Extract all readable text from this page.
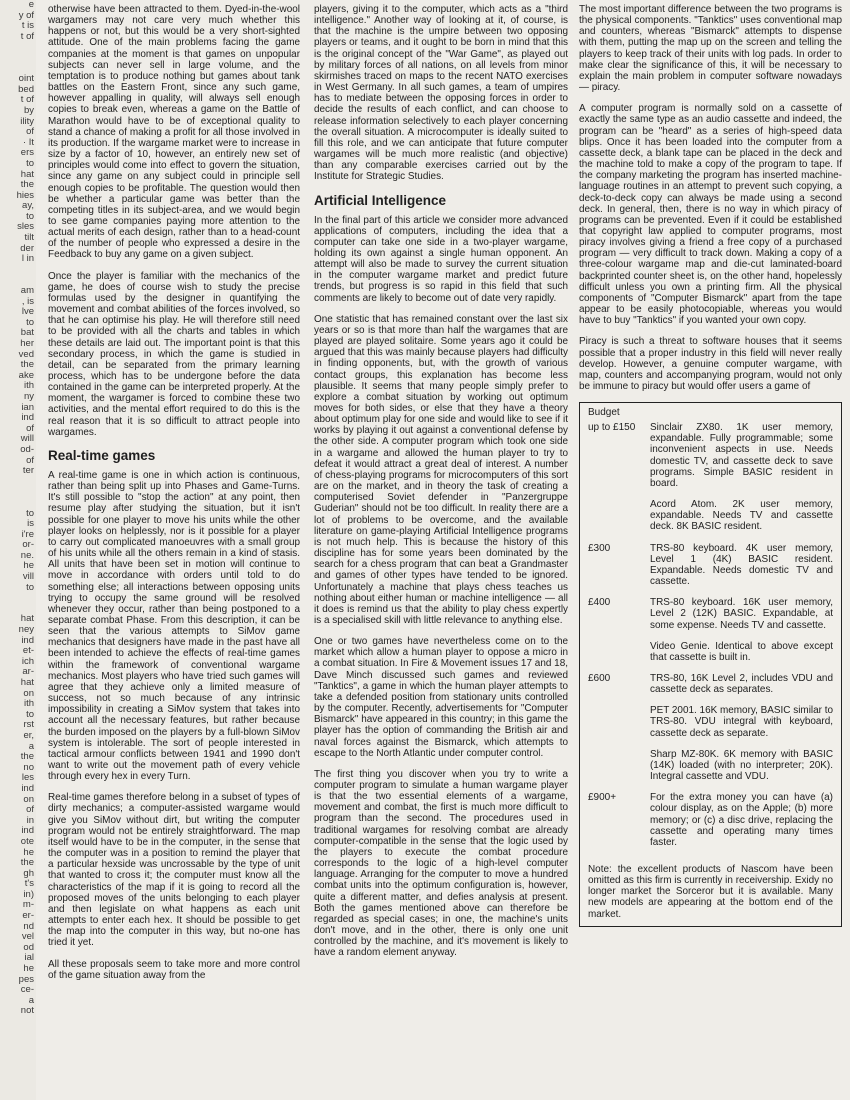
e
y of
t is
t of
oint
bed
t of
by
ility
of
· It
ers
to
hat
the
hies
ay,
to
sles
tilt
der
l in
am
, is
lve
to
bat
her
ved
the
ake
ith
ny
ian
ind
of
will
od-
of
ter
to
is
i're
or-
ne.
he
vill
to
hat
ney
ind
et-
ich
ar-
hat
on
ith
to
rst
er,
a
the
no
les
ind
on
of
in
ind
ote
he
the
gh
t's
in)
m-
er-
nd
vel
od
ial
he
pes
ce-
a
not

otherwise have been attracted to them. Dyed-in-the-wool wargamers may not care very much whether this happens or not, but this would be a very short-sighted attitude. One of the main problems facing the game companies at the moment is that games on unpopular subjects can never sell in large volume, and the temptation is to produce nothing but games about tank battles on the Eastern Front, since any such game, however appalling in quality, will always sell enough copies to break even, whereas a game on the Battle of Marathon would have to be of exceptional quality to stand a chance of making a profit for all those involved in its production. If the wargame market were to increase in size by a factor of 10, however, an entirely new set of principles would come into effect to govern the situation, since any game on any subject could in principle sell enough copies to be profitable. The question would then be whether a particular game was better than the competing titles in its subject-area, and we would begin to see game companies paying more attention to the actual merits of each design, rather than to a head-count of the number of people who expressed a desire in the Feedback to buy any game on a given subject.

Once the player is familiar with the mechanics of the game, he does of course wish to study the precise formulas used by the designer in quantifying the movement and combat abilities of the forces involved, so that he can optimise his play. He will therefore still need to be provided with all the charts and tables in which these details are laid out. The important point is that this secondary process, in which the game is studied in detail, can be separated from the primary learning process, which has to be undergone before the data contained in the game can be interpreted properly. At the moment, the wargamer is forced to combine these two activities, and the mental effort required to do this is the real reason that it is so difficult to attract people into wargames.

Real-time games

A real-time game is one in which action is continuous, rather than being split up into Phases and Game-Turns. It's still possible to "stop the action" at any point, then resume play after studying the situation, but it isn't possible for one player to move his units while the other player looks on helplessly, nor is it possible for a player to carry out complicated manoeuvres with a small group of his units while all the others remain in a kind of stasis. All units that have been set in motion will continue to move in accordance with orders until told to do something else; all interactions between opposing units trying to occupy the same ground will be resolved whenever they occur, rather than being postponed to a separate combat Phase. From this description, it can be seen that the various attempts to SiMov game mechanics that designers have made in the past have all been intended to achieve the effects of real-time games within the framework of conventional wargame mechanics. Most players who have tried such games will agree that they achieve only a limited measure of success, not so much because of any intrinsic impossibility in creating a SiMov system that takes into account all the necessary features, but rather because the burden imposed on the players by a full-blown SiMov system is intolerable. The sort of people interested in tactical armour conflicts between 1941 and 1990 don't want to write out the movement path of every vehicle through every hex in every Turn.

Real-time games therefore belong in a subset of types of dirty mechanics; a computer-assisted wargame would give you SiMov without dirt, but writing the computer program would not be entirely straightforward. The map itself would have to be in the computer, in the sense that the computer was in a position to remind the player that a particular hexside was uncrossable by the type of unit that wanted to cross it; the computer must know all the characteristics of the map if it is going to record all the proposed moves of the units belonging to each player and then legislate on what happens as each unit attempts to enter each hex. It should be possible to get the map into the computer in this way, but no-one has tried it yet.

All these proposals seem to take more and more control of the game situation away from the

players, giving it to the computer, which acts as a "third intelligence." Another way of looking at it, of course, is that the machine is the umpire between two opposing players or teams, and it ought to be born in mind that this is the original concept of the "War Game", as played out by military forces of all nations, on all levels from minor skirmishes traced on maps to the recent NATO exercises in West Germany. In all such games, a team of umpires has to mediate between the opposing forces in order to decide the results of each conflict, and can choose to release information selectively to each player concerning the overall situation. A microcomputer is ideally suited to fill this role, and we can anticipate that future computer wargames will be much more realistic (and objective) than any comparable exercises carried out by the Institute for Strategic Studies.

Artificial Intelligence

In the final part of this article we consider more advanced applications of computers, including the idea that a computer can take one side in a two-player wargame, holding its own against a single human opponent. An attempt will also be made to survey the current situation in the computer wargame market and predict future trends, but progress is so rapid in this field that such comments are likely to become out of date very rapidly.

One statistic that has remained constant over the last six years or so is that more than half the wargames that are played are played solitaire. Some years ago it could be argued that this was mainly because players had difficulty in finding opponents, but, with the growth of various contact groups, this explanation has become less plausible. It seems that many people simply prefer to explore a combat situation by working out optimum moves for both sides, or else that they have a theory about optimum play for one side and would like to see if it works by playing it out against a conventional defense by the other side. A computer program which took one side in a wargame and allowed the human player to try to defeat it would attract a great deal of interest. A number of chess-playing programs for microcomputers of this sort are on the market, and in theory the task of creating a computerised Soviet defender in "Panzergruppe Guderian" should not be too difficult. In reality there are a lot of problems to be overcome, and the available literature on game-playing Artificial Intelligence programs is not much help. This is because the history of this discipline has for some years been dominated by the search for a chess program that can beat a Grandmaster and games of other types have tended to be ignored. Unfortunately a machine that plays chess teaches us nothing about either human or machine intelligence — all it does is remind us that the ability to play chess expertly is a specialised skill with little relevance to anything else.

One or two games have nevertheless come on to the market which allow a human player to oppose a micro in a combat situation. In Fire & Movement issues 17 and 18, Dave Minch discussed such games and reviewed "Tanktics", a game in which the human player attempts to take a defended position from stationary units controlled by the computer. Recently, advertisements for "Computer Bismarck" have appeared in this country; in this game the player has the option of commanding the British air and naval forces against the Bismarck, which attempts to escape to the North Atlantic under computer control.

The first thing you discover when you try to write a computer program to simulate a human wargame player is that the two essential elements of a wargame, movement and combat, the first is much more difficult to program than the second. The procedures used in traditional wargames for resolving combat are already computer-compatible in the sense that the logic used by the players to execute the combat procedure corresponds to the logic of a high-level computer language. Arranging for the computer to move a hundred combat units into the optimum configuration is, however, quite a different matter, and defies analysis at present. Both the games mentioned above can therefore be regarded as special cases; in one, the machine's units don't move, and in the other, there is only one unit controlled by the machine, and it's movement is likely to have a random element anyway.

The most important difference between the two programs is the physical components. "Tanktics" uses conventional map and counters, whereas "Bismarck" attempts to dispense with them, putting the map up on the screen and telling the players to keep track of their units with log pads. In order to make clear the significance of this, it will be necessary to explain the main problem in computer software nowadays — piracy.

A computer program is normally sold on a cassette of exactly the same type as an audio cassette and indeed, the program can be "heard" as a series of high-speed data blips. Once it has been loaded into the computer from a cassette deck, a blank tape can be placed in the deck and the machine told to make a copy of the program to tape. If the company marketing the program has inserted machine-language routines in an attempt to prevent such copying, a deck-to-deck copy can always be made using a second deck. In general, then, there is no way in which piracy of programs can be prevented. Even if it could be established that copyright law applied to computer programs, most piracy involves giving a friend a free copy of a purchased program — very difficult to track down. Making a copy of a three-colour wargame map and die-cut laminated-board backprinted counter sheet is, on the other hand, hopelessly difficult unless you own a printing firm. All the physical components of "Computer Bismarck" apart from the tape appear to be easily photocopiable, whereas you would have to buy "Tanktics" if you wanted your own copy.

Piracy is such a threat to software houses that it seems possible that a proper industry in this field will never really develop. However, a genuine computer wargame, with map, counters and accompanying program, would not only be immune to piracy but would offer users a game of

Budget
up to £150	Sinclair ZX80. 1K user memory, expandable. Fully programmable; some inconvenient aspects in use. Needs domestic TV, and cassette deck to save programs. Simple BASIC resident in board.

Acord Atom. 2K user memory, expandable. Needs TV and cassette deck. 8K BASIC resident.

£300	TRS-80 keyboard. 4K user memory, Level 1 (4K) BASIC resident. Expandable. Needs domestic TV and cassette.

£400	TRS-80 keyboard. 16K user memory, Level 2 (12K) BASIC. Expandable, at some expense. Needs TV and cassette.

Video Genie. Identical to above except that cassette is built in.

£600	TRS-80, 16K Level 2, includes VDU and cassette deck as separates.

PET 2001. 16K memory, BASIC similar to TRS-80. VDU integral with keyboard, cassette deck as separate.

Sharp MZ-80K. 6K memory with BASIC (14K) loaded (with no interpreter; 20K). Integral cassette and VDU.

£900+	For the extra money you can have (a) colour display, as on the Apple; (b) more memory; or (c) a disc drive, replacing the cassette and operating many times faster.

Note: the excellent products of Nascom have been omitted as this firm is currently in receivership. Exidy no longer market the Sorceror but it is available. Many new models are appearing at the bottom end of the market.
